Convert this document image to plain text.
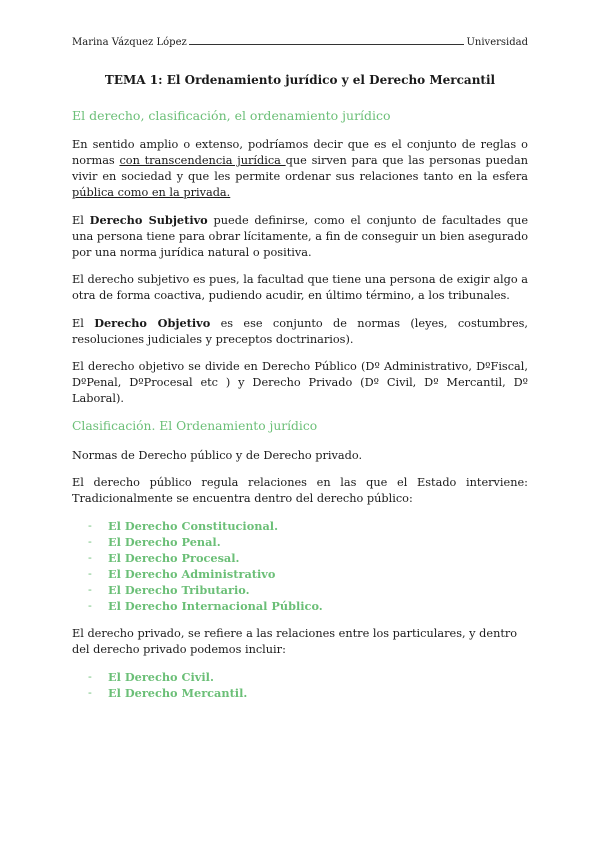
Marina Vázquez López	Universidad
TEMA 1: El Ordenamiento jurídico y el Derecho Mercantil
El derecho, clasificación, el ordenamiento jurídico

En sentido amplio o extenso, podríamos decir que es el conjunto de reglas o normas con transcendencia jurídica que sirven para que las personas puedan vivir en sociedad y que les permite ordenar sus relaciones tanto en la esfera pública como en la privada.

El Derecho Subjetivo puede definirse, como el conjunto de facultades que una persona tiene para obrar lícitamente, a fin de conseguir un bien asegurado por una norma jurídica natural o positiva.

El derecho subjetivo es pues, la facultad que tiene una persona de exigir algo a otra de forma coactiva, pudiendo acudir, en último término, a los tribunales.

El Derecho Objetivo es ese conjunto de normas (leyes, costumbres, resoluciones judiciales y preceptos doctrinarios).

El derecho objetivo se divide en Derecho Público (Dº Administrativo, DºFiscal, DºPenal, DºProcesal etc ) y Derecho Privado (Dº Civil, Dº Mercantil, Dº Laboral).

Clasificación. El Ordenamiento jurídico

Normas de Derecho público y de Derecho privado.

El derecho público regula relaciones en las que el Estado interviene: Tradicionalmente se encuentra dentro del derecho público:

- El Derecho Constitucional.
- El Derecho Penal.
- El Derecho Procesal.
- El Derecho Administrativo
- El Derecho Tributario.
- El Derecho Internacional Público.

El derecho privado, se refiere a las relaciones entre los particulares, y dentro del derecho privado podemos incluir:

- El Derecho Civil.
- El Derecho Mercantil.
